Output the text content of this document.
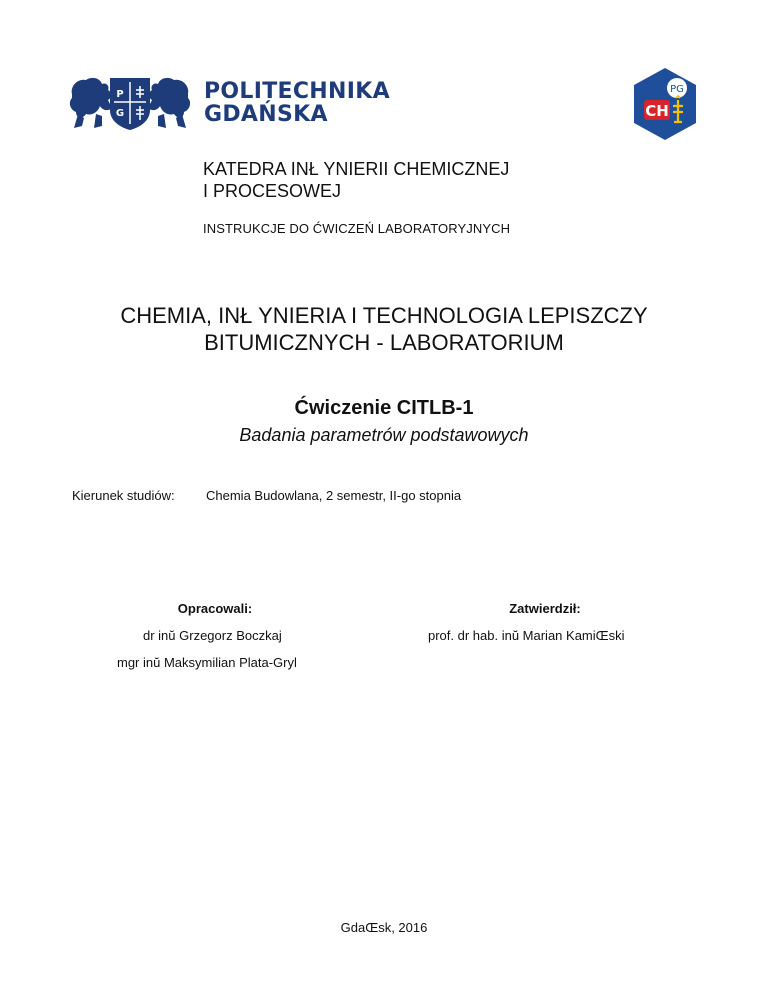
P
G
POLITECHNIKA
GDAŃSKA
PG
CH
KATEDRA INŁ YNIERII CHEMICZNEJ
I PROCESOWEJ
INSTRUKCJE DO ĆWICZEŃ LABORATORYJNYCH
CHEMIA, INŁ YNIERIA I TECHNOLOGIA LEPISZCZY
BITUMICZNYCH - LABORATORIUM
Ćwiczenie CITLB-1
Badania parametrów podstawowych
Kierunek studiów: Chemia Budowlana, 2 semestr, II-go stopnia
Opracowali:
dr inŭ Grzegorz Boczkaj
mgr inŭ Maksymilian Plata-Gryl
Zatwierdził:
prof. dr hab. inŭ Marian KamiŒski
GdaŒsk, 2016
